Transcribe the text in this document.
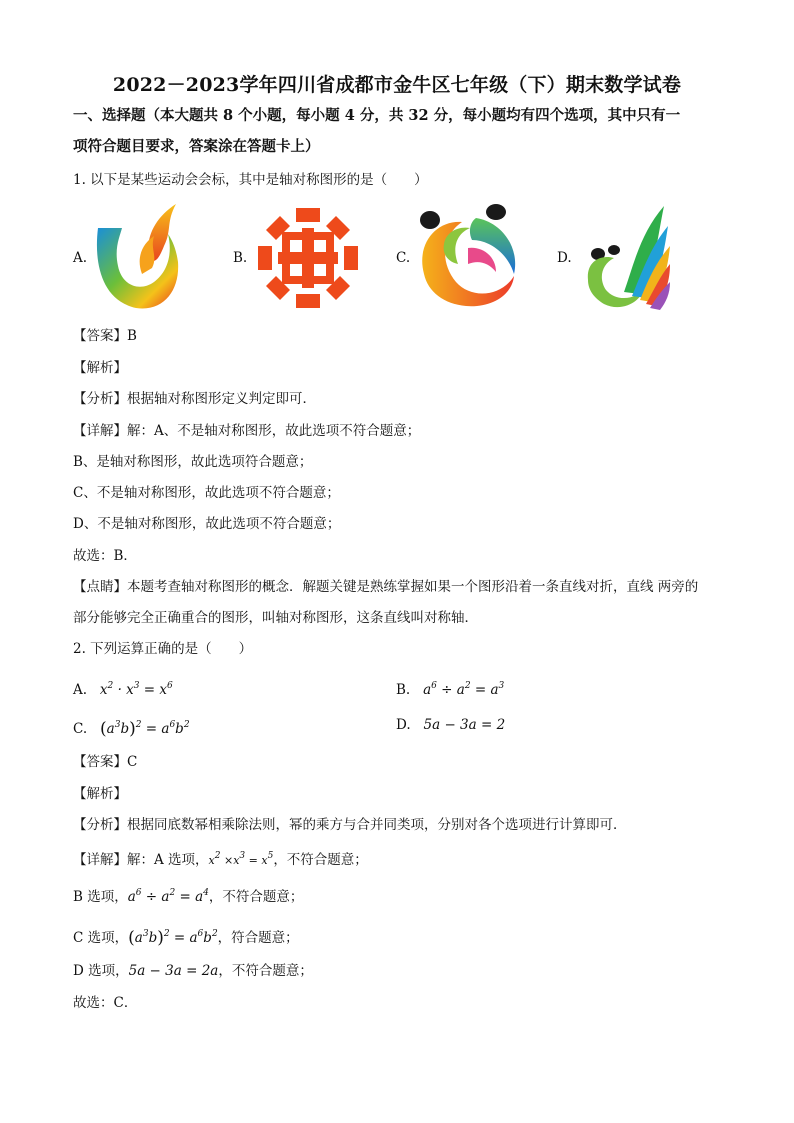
2022－2023学年四川省成都市金牛区七年级（下）期末数学试卷
一、选择题（本大题共 8 个小题，每小题 4 分，共 32 分，每小题均有四个选项，其中只有一
项符合题目要求，答案涂在答题卡上）
1. 以下是某些运动会会标，其中是轴对称图形的是（　　）
A.	B.	C.	D.
【答案】B
【解析】
【分析】根据轴对称图形定义判定即可．
【详解】解：A、不是轴对称图形，故此选项不符合题意；
B、是轴对称图形，故此选项符合题意；
C、不是轴对称图形，故此选项不符合题意；
D、不是轴对称图形，故此选项不符合题意；
故选：B．
【点睛】本题考查轴对称图形的概念．解题关键是熟练掌握如果一个图形沿着一条直线对折，直线 两旁的
部分能够完全正确重合的图形，叫轴对称图形，这条直线叫对称轴．
2. 下列运算正确的是（　　）
A. $x^2 \cdot x^3 = x^6$	B. $a^6 \div a^2 = a^3$
C. $(a^3b)^2 = a^6b^2$	D. 5a − 3a = 2
【答案】C
【解析】
【分析】根据同底数幂相乘除法则，幂的乘方与合并同类项，分别对各个选项进行计算即可．
【详解】解：A 选项，$x^2 \times x^3 = x^5$，不符合题意；
B 选项，$a^6 \div a^2 = a^4$，不符合题意；
C 选项，$(a^3b)^2 = a^6b^2$，符合题意；
D 选项，5a − 3a = 2a，不符合题意；
故选：C．
